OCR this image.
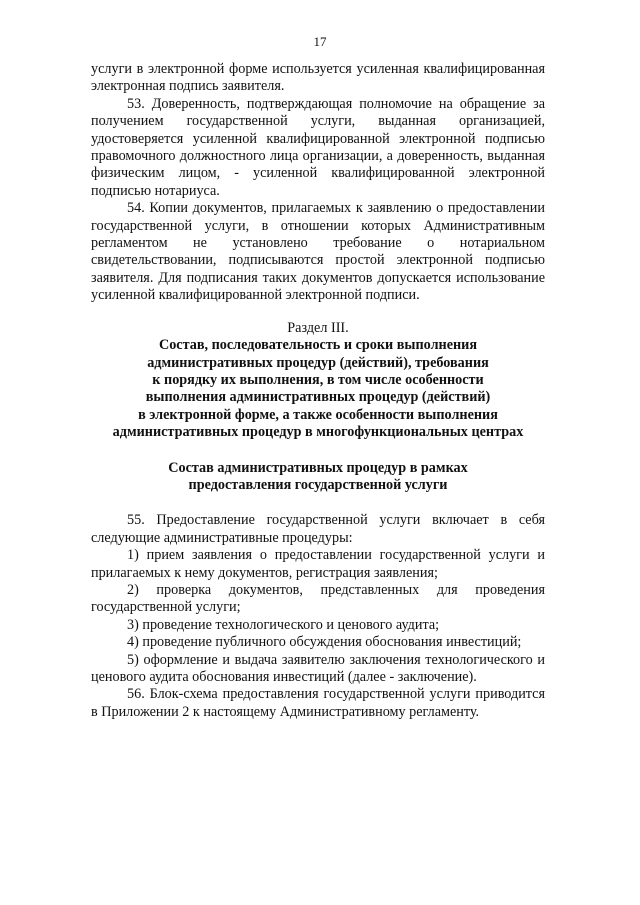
17

услуги в электронной форме используется усиленная квалифицированная электронная подпись заявителя.

53. Доверенность, подтверждающая полномочие на обращение за получением государственной услуги, выданная организацией, удостоверяется усиленной квалифицированной электронной подписью правомочного должностного лица организации, а доверенность, выданная физическим лицом, - усиленной квалифицированной электронной подписью нотариуса.

54. Копии документов, прилагаемых к заявлению о предоставлении государственной услуги, в отношении которых Административным регламентом не установлено требование о нотариальном свидетельствовании, подписываются простой электронной подписью заявителя. Для подписания таких документов допускается использование усиленной квалифицированной электронной подписи.

Раздел III.

Состав, последовательность и сроки выполнения

административных процедур (действий), требования

к порядку их выполнения, в том числе особенности

выполнения административных процедур (действий)

в электронной форме, а также особенности выполнения

административных процедур в многофункциональных центрах

Состав административных процедур в рамках

предоставления государственной услуги

55. Предоставление государственной услуги включает в себя следующие административные процедуры:

1) прием заявления о предоставлении государственной услуги и прилагаемых к нему документов, регистрация заявления;

2) проверка документов, представленных для проведения государственной услуги;

3) проведение технологического и ценового аудита;

4) проведение публичного обсуждения обоснования инвестиций;

5) оформление и выдача заявителю заключения технологического и ценового аудита обоснования инвестиций (далее - заключение).

56. Блок-схема предоставления государственной услуги приводится в Приложении 2 к настоящему Административному регламенту.
